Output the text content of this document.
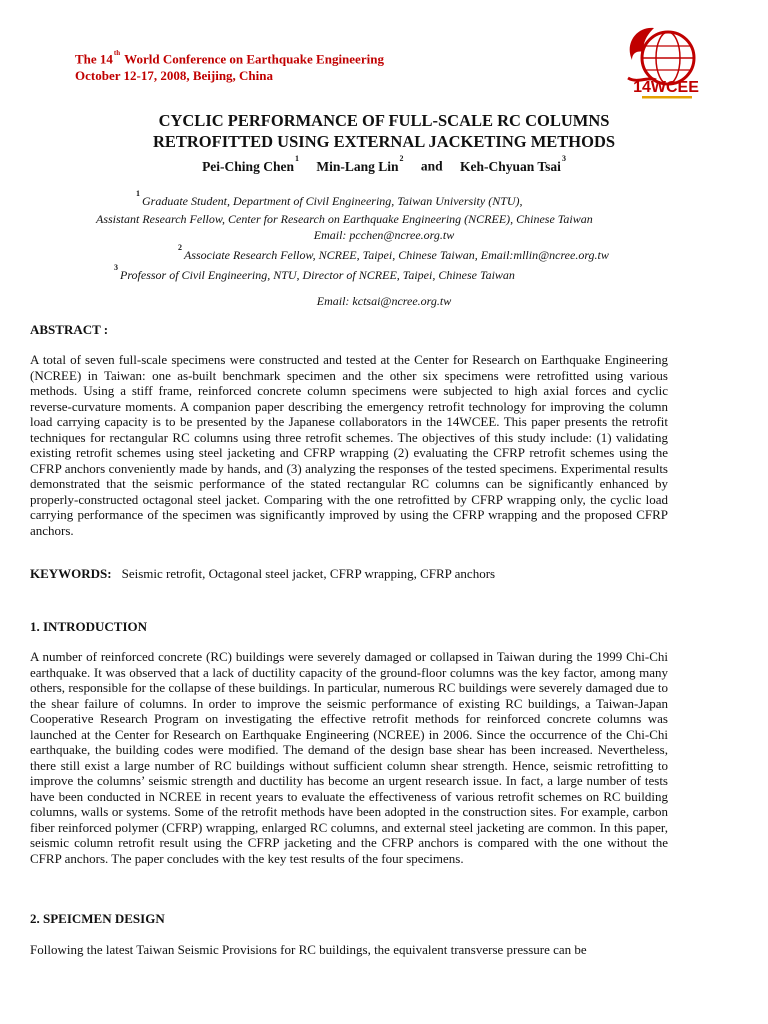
The 14th World Conference on Earthquake Engineering
October 12-17, 2008, Beijing, China
14WCEE
CYCLIC PERFORMANCE OF FULL-SCALE RC COLUMNS
RETROFITTED USING EXTERNAL JACKETING METHODS
Pei-Ching Chen$^1$ Min-Lang Lin$^2$ and Keh-Chyuan Tsai$^3$
$^1$Graduate Student, Department of Civil Engineering, Taiwan University (NTU),
Assistant Research Fellow, Center for Research on Earthquake Engineering (NCREE), Chinese Taiwan
Email: pcchen@ncree.org.tw
$^2$Associate Research Fellow, NCREE, Taipei, Chinese Taiwan, Email:mllin@ncree.org.tw
$^3$Professor of Civil Engineering, NTU, Director of NCREE, Taipei, Chinese Taiwan
Email: kctsai@ncree.org.tw
ABSTRACT :
A total of seven full-scale specimens were constructed and tested at the Center for Research on Earthquake Engineering (NCREE) in Taiwan: one as-built benchmark specimen and the other six specimens were retrofitted using various methods. Using a stiff frame, reinforced concrete column specimens were subjected to high axial forces and cyclic reverse-curvature moments. A companion paper describing the emergency retrofit technology for improving the column load carrying capacity is to be presented by the Japanese collaborators in the 14WCEE. This paper presents the retrofit techniques for rectangular RC columns using three retrofit schemes. The objectives of this study include: (1) validating existing retrofit schemes using steel jacketing and CFRP wrapping (2) evaluating the CFRP retrofit schemes using the CFRP anchors conveniently made by hands, and (3) analyzing the responses of the tested specimens. Experimental results demonstrated that the seismic performance of the stated rectangular RC columns can be significantly enhanced by properly-constructed octagonal steel jacket. Comparing with the one retrofitted by CFRP wrapping only, the cyclic load carrying performance of the specimen was significantly improved by using the CFRP wrapping and the proposed CFRP anchors.
KEYWORDS: Seismic retrofit, Octagonal steel jacket, CFRP wrapping, CFRP anchors
1. INTRODUCTION
A number of reinforced concrete (RC) buildings were severely damaged or collapsed in Taiwan during the 1999 Chi-Chi earthquake. It was observed that a lack of ductility capacity of the ground-floor columns was the key factor, among many others, responsible for the collapse of these buildings. In particular, numerous RC buildings were severely damaged due to the shear failure of columns. In order to improve the seismic performance of existing RC buildings, a Taiwan-Japan Cooperative Research Program on investigating the effective retrofit methods for reinforced concrete columns was launched at the Center for Research on Earthquake Engineering (NCREE) in 2006. Since the occurrence of the Chi-Chi earthquake, the building codes were modified. The demand of the design base shear has been increased. Nevertheless, there still exist a large number of RC buildings without sufficient column shear strength. Hence, seismic retrofitting to improve the columns’ seismic strength and ductility has become an urgent research issue. In fact, a large number of tests have been conducted in NCREE in recent years to evaluate the effectiveness of various retrofit schemes on RC building columns, walls or systems. Some of the retrofit methods have been adopted in the construction sites. For example, carbon fiber reinforced polymer (CFRP) wrapping, enlarged RC columns, and external steel jacketing are common. In this paper, seismic column retrofit result using the CFRP jacketing and the CFRP anchors is compared with the one without the CFRP anchors. The paper concludes with the key test results of the four specimens.
2. SPEICMEN DESIGN
Following the latest Taiwan Seismic Provisions for RC buildings, the equivalent transverse pressure can be
